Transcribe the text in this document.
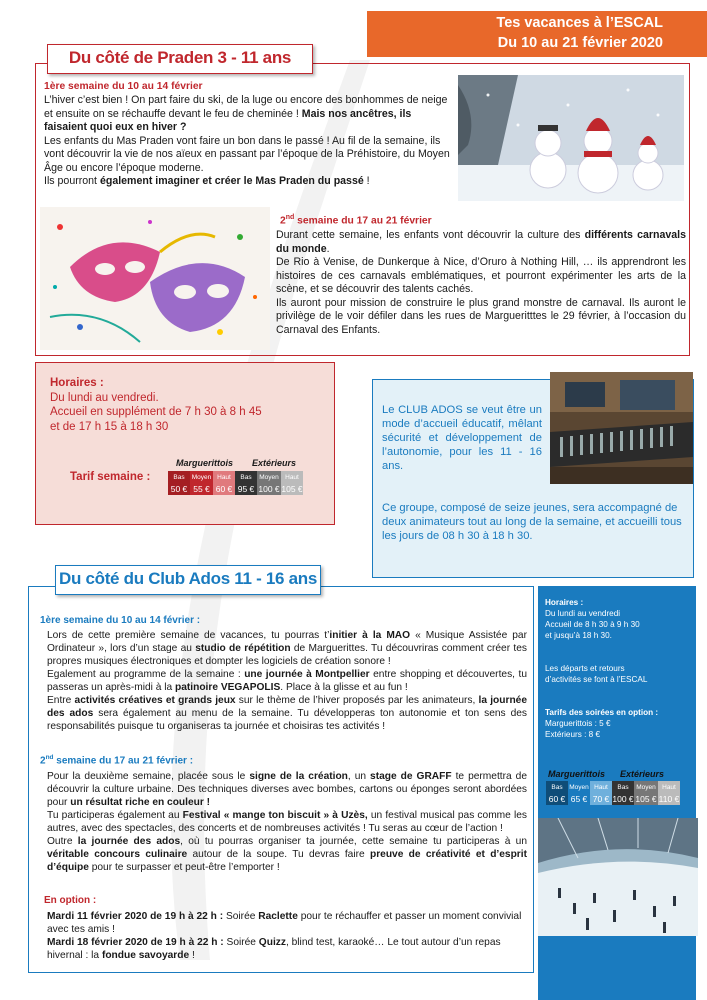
Tes vacances à l’ESCAL
Du 10 au 21 février 2020
Du côté de Praden 3 - 11 ans
1ère semaine du 10 au 14 février

L’hiver c’est bien ! On part faire du ski, de la luge ou encore des bonhommes de neige et ensuite on se réchauffe devant le feu de cheminée ! Mais nos ancêtres, ils faisaient quoi eux en hiver ?

Les enfants du Mas Praden vont faire un bon dans le passé ! Au fil de la semaine, ils vont découvrir la vie de nos aïeux en passant par l’époque de la Préhistoire, du Moyen Âge ou encore l’époque moderne.

Ils pourront également imaginer et créer le Mas Praden du passé !

2nd semaine du 17 au 21 février

Durant cette semaine, les enfants vont découvrir la culture des différents carnavals du monde.

De Rio à Venise, de Dunkerque à Nice, d’Oruro à Nothing Hill, … ils apprendront les histoires de ces carnavals emblématiques, et pourront expérimenter les arts de la scène, et se découvrir des talents cachés.

Ils auront pour mission de construire le plus grand monstre de carnaval. Ils auront le privilège de le voir défiler dans les rues de Margueritttes le 29 février, à l’occasion du Carnaval des Enfants.

Horaires :
Du lundi au vendredi.
Accueil en supplément de 7 h 30 à 8 h 45
et de 17 h 15 à 18 h 30
Tarif semaine :
Marguerittois	Extérieurs
Bas	Moyen	Haut	Bas	Moyen	Haut
50 €	55 €	60 €	95 €	100 €	105 €
Le CLUB ADOS se veut être un mode d’accueil éducatif, mêlant sécurité et développement de l’autonomie, pour les 11 - 16 ans.
Ce groupe, composé de seize jeunes, sera accompagné de deux animateurs tout au long de la semaine, et accueilli tous les jours de 08 h 30 à 18 h 30.
Du côté du Club Ados 11 - 16 ans
1ère semaine du 10 au 14 février :

Lors de cette première semaine de vacances, tu pourras t’initier à la MAO « Musique Assistée par Ordinateur », lors d’un stage au studio de répétition de Marguerittes. Tu découvriras comment créer tes propres musiques électroniques et dompter les logiciels de création sonore !

Egalement au programme de la semaine : une journée à Montpellier entre shopping et découvertes, tu passeras un après-midi à la patinoire VEGAPOLIS. Place à la glisse et au fun !

Entre activités créatives et grands jeux sur le thème de l’hiver proposés par les animateurs, la journée des ados sera également au menu de la semaine. Tu développeras ton autonomie et ton sens des responsabilités puisque tu organiseras ta journée et choisiras tes activités !

2nd semaine du 17 au 21 février :

Pour la deuxième semaine, placée sous le signe de la création, un stage de GRAFF te permettra de découvrir la culture urbaine. Des techniques diverses avec bombes, cartons ou éponges seront abordées pour un résultat riche en couleur !

Tu participeras également au Festival « mange ton biscuit » à Uzès, un festival musical pas comme les autres, avec des spectacles, des concerts et de nombreuses activités ! Tu seras au cœur de l’action !

Outre la journée des ados, où tu pourras organiser ta journée, cette semaine tu participeras à un véritable concours culinaire autour de la soupe. Tu devras faire preuve de créativité et d’esprit d’équipe pour te surpasser et peut-être l’emporter !

En option :

Mardi 11 février 2020 de 19 h à 22 h : Soirée Raclette pour te réchauffer et passer un moment convivial avec tes amis !

Mardi 18 février 2020 de 19 h à 22 h : Soirée Quizz, blind test, karaoké… Le tout autour d’un repas hivernal : la fondue savoyarde !

Horaires :
Du lundi au vendredi
Accueil de 8 h 30 à 9 h 30
et jusqu’à 18 h 30.
Les départs et retours
d’activités se font à l’ESCAL
Tarifs des soirées en option :
Marguerittois : 5 €
Extérieurs : 8 €
Marguerittois	Extérieurs
Bas	Moyen	Haut	Bas	Moyen	Haut
60 €	65 €	70 €	100 €	105 €	110 €
